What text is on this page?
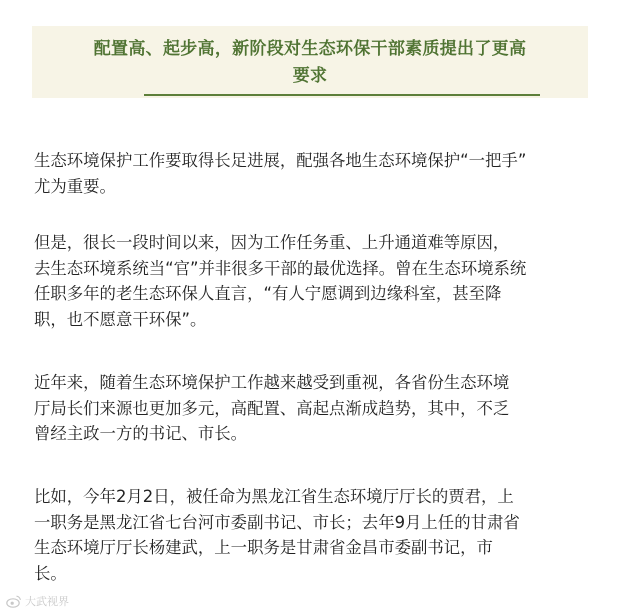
配置高、起步高，新阶段对生态环保干部素质提出了更高
要求
生态环境保护工作要取得长足进展，配强各地生态环境保护“一把手”
尤为重要。
但是，很长一段时间以来，因为工作任务重、上升通道难等原因，
去生态环境系统当“官”并非很多干部的最优选择。曾在生态环境系统
任职多年的老生态环保人直言，“有人宁愿调到边缘科室，甚至降
职，也不愿意干环保”。
近年来，随着生态环境保护工作越来越受到重视，各省份生态环境
厅局长们来源也更加多元，高配置、高起点渐成趋势，其中，不乏
曾经主政一方的书记、市长。
比如，今年2月2日，被任命为黑龙江省生态环境厅厅长的贾君，上
一职务是黑龙江省七台河市委副书记、市长；去年9月上任的甘肃省
生态环境厅厅长杨建武，上一职务是甘肃省金昌市委副书记，市
长。
大武视界
